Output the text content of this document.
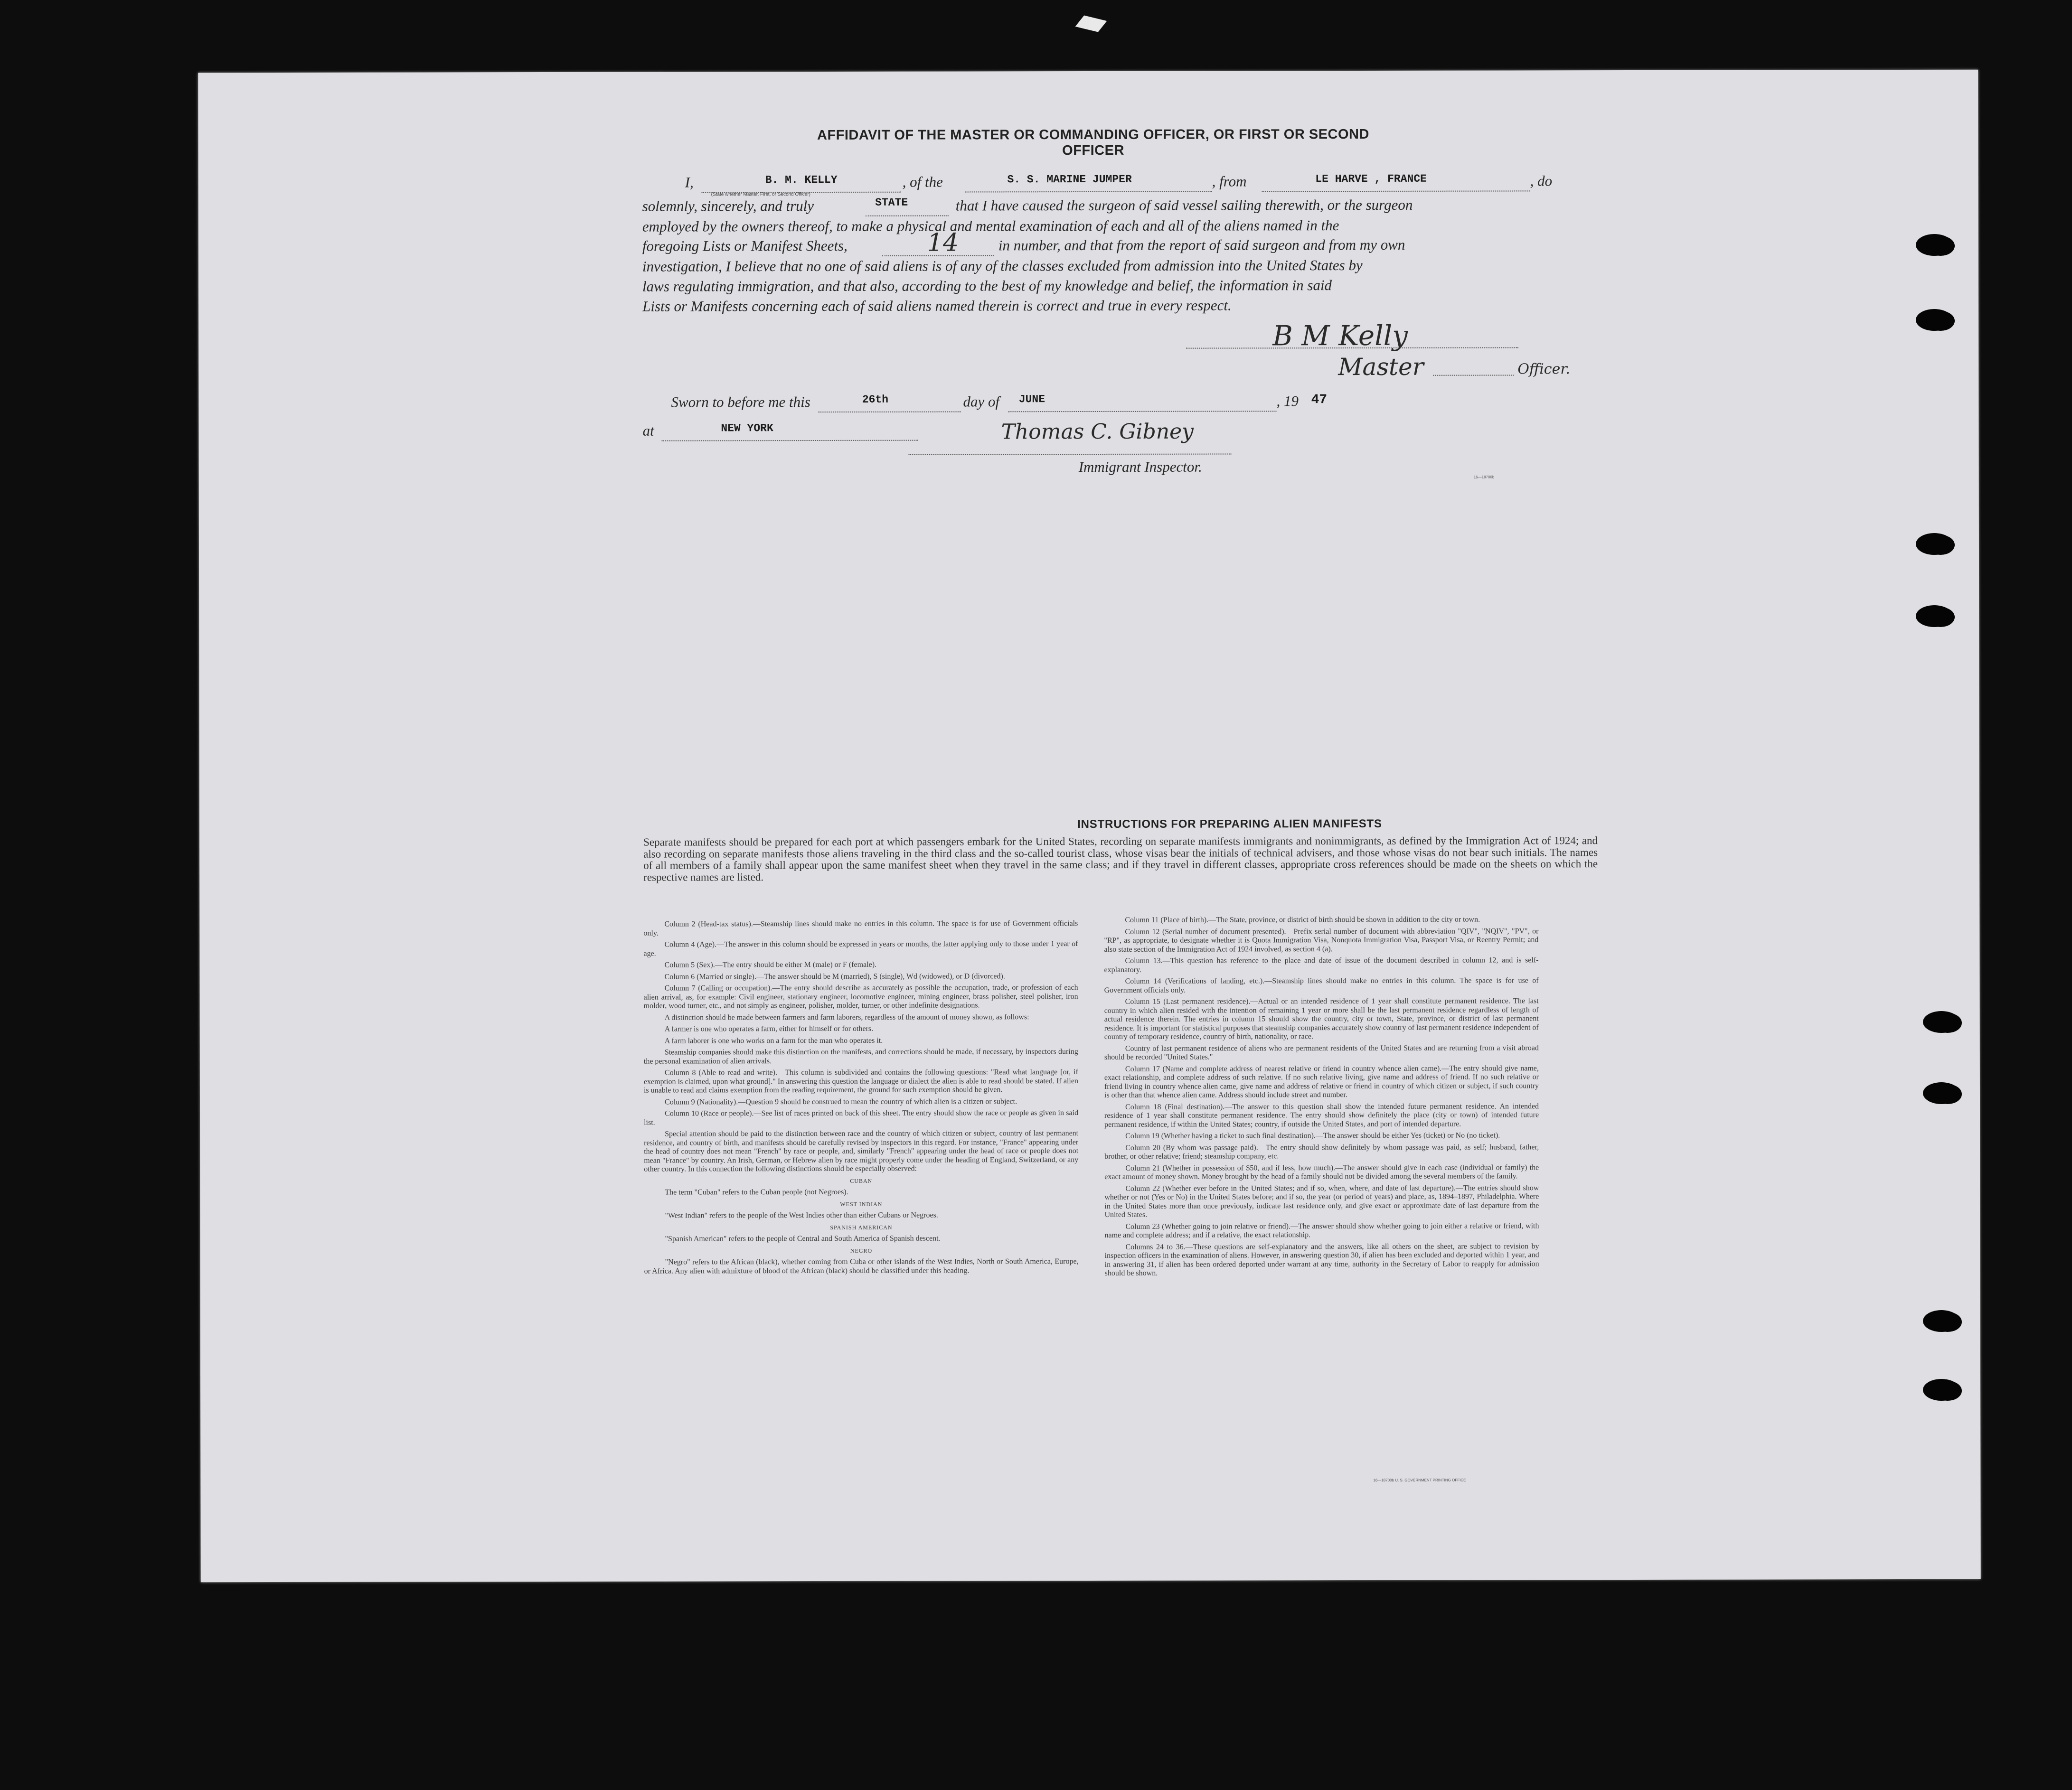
AFFIDAVIT OF THE MASTER OR COMMANDING OFFICER, OR FIRST OR SECOND OFFICER
I,	B. M. KELLY	, of the	S. S. MARINE JUMPER	, from	LE HARVE , FRANCE	, do
(State whether Master, First, or Second Officer)
solemnly, sincerely, and truly	STATE	that I have caused the surgeon of said vessel sailing therewith, or the surgeon
employed by the owners thereof, to make a physical and mental examination of each and all of the aliens named in the
foregoing Lists or Manifest Sheets,	14	in number, and that from the report of said surgeon and from my own
investigation, I believe that no one of said aliens is of any of the classes excluded from admission into the United States by
laws regulating immigration, and that also, according to the best of my knowledge and belief, the information in said
Lists or Manifests concerning each of said aliens named therein is correct and true in every respect.
B M Kelly
Master	Officer.
Sworn to before me this	26th	day of	JUNE	, 19 47
at	NEW YORK	Thomas C. Gibney
Immigrant Inspector.
16—18700b
INSTRUCTIONS FOR PREPARING ALIEN MANIFESTS
Separate manifests should be prepared for each port at which passengers embark for the United States, recording on separate manifests immigrants and nonimmigrants, as defined by the Immigration Act of 1924; and also recording on separate manifests those aliens traveling in the third class and the so-called tourist class, whose visas bear the initials of technical advisers, and those whose visas do not bear such initials. The names of all members of a family shall appear upon the same manifest sheet when they travel in the same class; and if they travel in different classes, appropriate cross references should be made on the sheets on which the respective names are listed.

Column 2 (Head-tax status).—Steamship lines should make no entries in this column. The space is for use of Government officials only.

Column 4 (Age).—The answer in this column should be expressed in years or months, the latter applying only to those under 1 year of age.

Column 5 (Sex).—The entry should be either M (male) or F (female).

Column 6 (Married or single).—The answer should be M (married), S (single), Wd (widowed), or D (divorced).

Column 7 (Calling or occupation).—The entry should describe as accurately as possible the occupation, trade, or profession of each alien arrival, as, for example: Civil engineer, stationary engineer, locomotive engineer, mining engineer, brass polisher, steel polisher, iron molder, wood turner, etc., and not simply as engineer, polisher, molder, turner, or other indefinite designations.

A distinction should be made between farmers and farm laborers, regardless of the amount of money shown, as follows:

A farmer is one who operates a farm, either for himself or for others.

A farm laborer is one who works on a farm for the man who operates it.

Steamship companies should make this distinction on the manifests, and corrections should be made, if necessary, by inspectors during the personal examination of alien arrivals.

Column 8 (Able to read and write).—This column is subdivided and contains the following questions: "Read what language [or, if exemption is claimed, upon what ground]." In answering this question the language or dialect the alien is able to read should be stated. If alien is unable to read and claims exemption from the reading requirement, the ground for such exemption should be given.

Column 9 (Nationality).—Question 9 should be construed to mean the country of which alien is a citizen or subject.

Column 10 (Race or people).—See list of races printed on back of this sheet. The entry should show the race or people as given in said list.

Special attention should be paid to the distinction between race and the country of which citizen or subject, country of last permanent residence, and country of birth, and manifests should be carefully revised by inspectors in this regard. For instance, "France" appearing under the head of country does not mean "French" by race or people, and, similarly "French" appearing under the head of race or people does not mean "France" by country. An Irish, German, or Hebrew alien by race might properly come under the heading of England, Switzerland, or any other country. In this connection the following distinctions should be especially observed:

CUBAN

The term "Cuban" refers to the Cuban people (not Negroes).

WEST INDIAN

"West Indian" refers to the people of the West Indies other than either Cubans or Negroes.

SPANISH AMERICAN

"Spanish American" refers to the people of Central and South America of Spanish descent.

NEGRO

"Negro" refers to the African (black), whether coming from Cuba or other islands of the West Indies, North or South America, Europe, or Africa. Any alien with admixture of blood of the African (black) should be classified under this heading.

Column 11 (Place of birth).—The State, province, or district of birth should be shown in addition to the city or town.

Column 12 (Serial number of document presented).—Prefix serial number of document with abbreviation "QIV", "NQIV", "PV", or "RP", as appropriate, to designate whether it is Quota Immigration Visa, Nonquota Immigration Visa, Passport Visa, or Reentry Permit; and also state section of the Immigration Act of 1924 involved, as section 4 (a).

Column 13.—This question has reference to the place and date of issue of the document described in column 12, and is self-explanatory.

Column 14 (Verifications of landing, etc.).—Steamship lines should make no entries in this column. The space is for use of Government officials only.

Column 15 (Last permanent residence).—Actual or an intended residence of 1 year shall constitute permanent residence. The last country in which alien resided with the intention of remaining 1 year or more shall be the last permanent residence regardless of length of actual residence therein. The entries in column 15 should show the country, city or town, State, province, or district of last permanent residence. It is important for statistical purposes that steamship companies accurately show country of last permanent residence independent of country of temporary residence, country of birth, nationality, or race.

Country of last permanent residence of aliens who are permanent residents of the United States and are returning from a visit abroad should be recorded "United States."

Column 17 (Name and complete address of nearest relative or friend in country whence alien came).—The entry should give name, exact relationship, and complete address of such relative. If no such relative living, give name and address of friend. If no such relative or friend living in country whence alien came, give name and address of relative or friend in country of which citizen or subject, if such country is other than that whence alien came. Address should include street and number.

Column 18 (Final destination).—The answer to this question shall show the intended future permanent residence. An intended residence of 1 year shall constitute permanent residence. The entry should show definitely the place (city or town) of intended future permanent residence, if within the United States; country, if outside the United States, and port of intended departure.

Column 19 (Whether having a ticket to such final destination).—The answer should be either Yes (ticket) or No (no ticket).

Column 20 (By whom was passage paid).—The entry should show definitely by whom passage was paid, as self; husband, father, brother, or other relative; friend; steamship company, etc.

Column 21 (Whether in possession of $50, and if less, how much).—The answer should give in each case (individual or family) the exact amount of money shown. Money brought by the head of a family should not be divided among the several members of the family.

Column 22 (Whether ever before in the United States; and if so, when, where, and date of last departure).—The entries should show whether or not (Yes or No) in the United States before; and if so, the year (or period of years) and place, as, 1894–1897, Philadelphia. Where in the United States more than once previously, indicate last residence only, and give exact or approximate date of last departure from the United States.

Column 23 (Whether going to join relative or friend).—The answer should show whether going to join either a relative or friend, with name and complete address; and if a relative, the exact relationship.

Columns 24 to 36.—These questions are self-explanatory and the answers, like all others on the sheet, are subject to revision by inspection officers in the examination of aliens. However, in answering question 30, if alien has been excluded and deported within 1 year, and in answering 31, if alien has been ordered deported under warrant at any time, authority in the Secretary of Labor to reapply for admission should be shown.

16—18700b U. S. GOVERNMENT PRINTING OFFICE
